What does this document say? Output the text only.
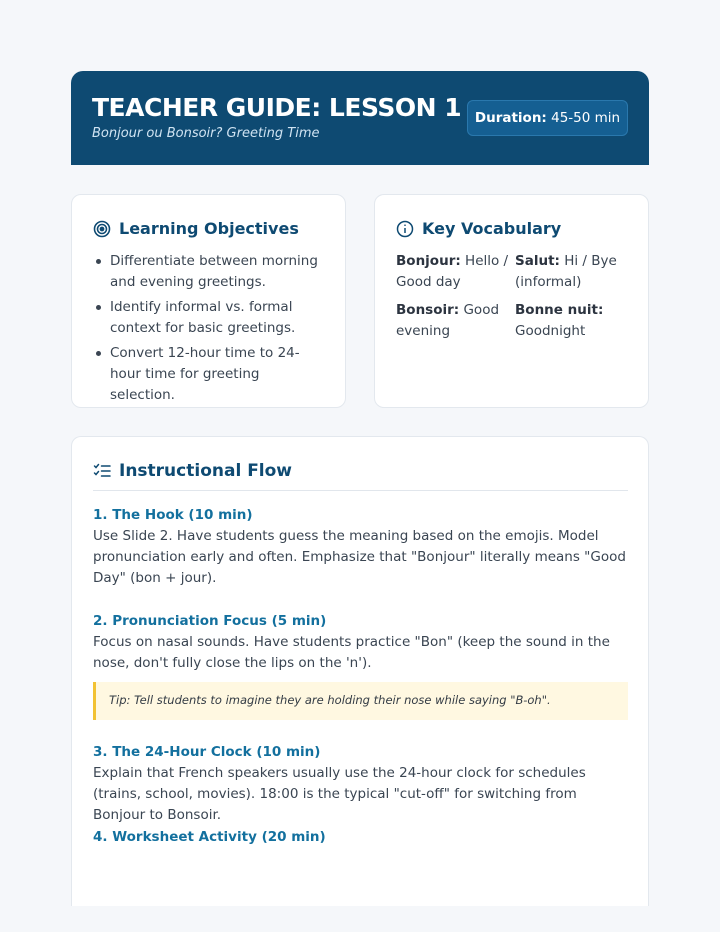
TEACHER GUIDE: LESSON 1
Bonjour ou Bonsoir? Greeting Time
Duration: 45-50 min
Learning Objectives
Differentiate between morning and evening greetings.
Identify informal vs. formal context for basic greetings.
Convert 12-hour time to 24-hour time for greeting selection.
Key Vocabulary
Bonjour: Hello / Good day
Salut: Hi / Bye (informal)
Bonsoir: Good evening
Bonne nuit: Goodnight
Instructional Flow
1. The Hook (10 min)
Use Slide 2. Have students guess the meaning based on the emojis. Model pronunciation early and often. Emphasize that "Bonjour" literally means "Good Day" (bon + jour).
2. Pronunciation Focus (5 min)
Focus on nasal sounds. Have students practice "Bon" (keep the sound in the nose, don't fully close the lips on the 'n').
Tip: Tell students to imagine they are holding their nose while saying "B-oh".
3. The 24-Hour Clock (10 min)
Explain that French speakers usually use the 24-hour clock for schedules (trains, school, movies). 18:00 is the typical "cut-off" for switching from Bonjour to Bonsoir.
4. Worksheet Activity (20 min)
